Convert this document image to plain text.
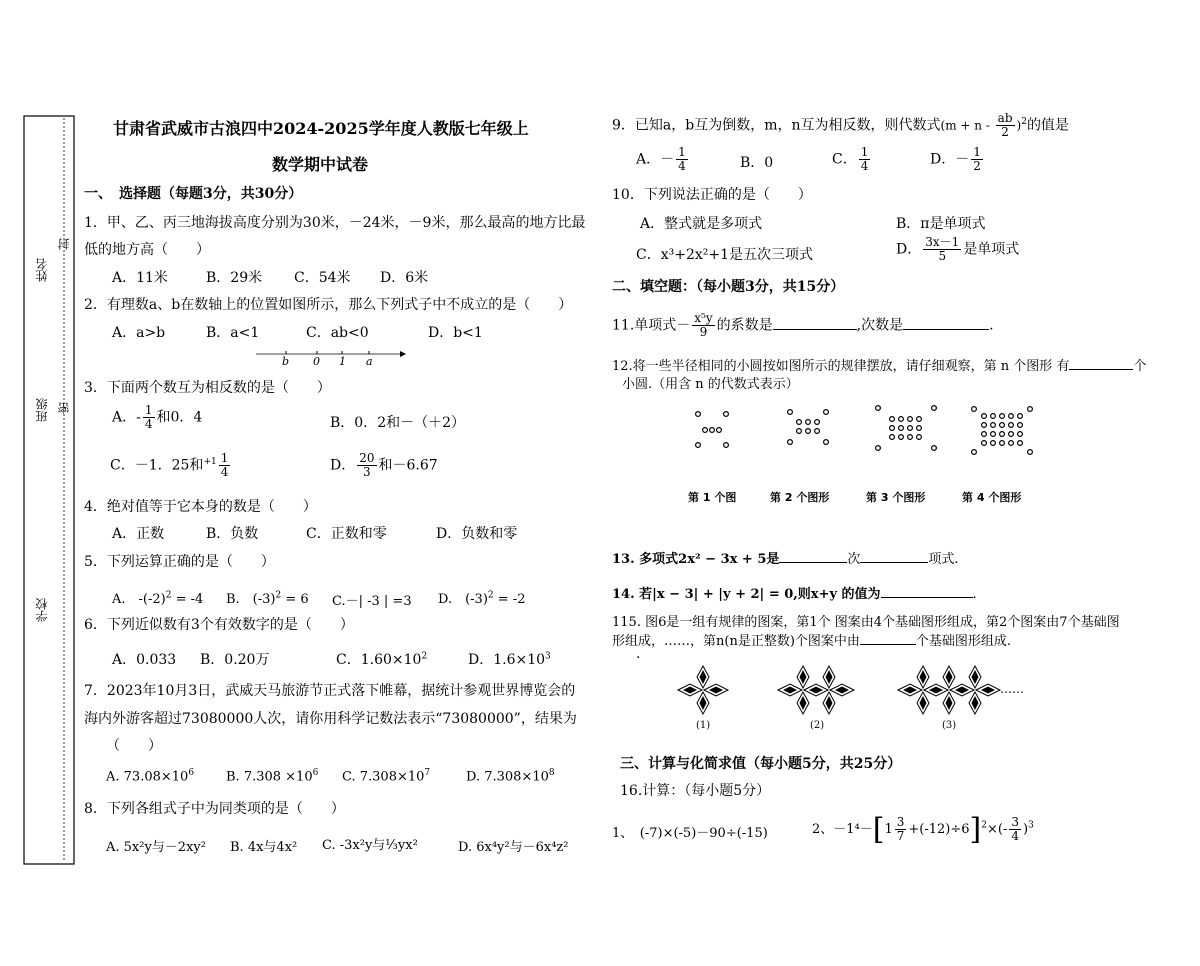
姓名
班级
学校
封
密
甘肃省武威市古浪四中2024-2025学年度人教版七年级上
数学期中试卷
一、　选择题（每题3分，共30分）
1．甲、乙、丙三地海拔高度分别为30米，－24米，－9米，那么最高的地方比最
低的地方高（　　）
A．11米	B．29米 C．54米 D．6米
2．有理数a、b在数轴上的位置如图所示，那么下列式子中不成立的是（　　）
A．a>b	B．a<1	C．ab<0	D．b<1
b 0 1 a
3．下面两个数互为相反数的是（　　）
A．- $\frac{1}{4}$ 和0．4	B．0．2和－（＋2）
C．－1．25和$^{+1} \frac{1}{4}$	D． $\frac{20}{3}$ 和－6.67
4．绝对值等于它本身的数是（　　）
A．正数	B．负数	C．正数和零	D．负数和零
5．下列运算正确的是（　　）
A.　$-(-2)^2 = -4$ B.　$(-3)^2 = 6$ C.－| -3 | =3 D.　$(-3)^2 = -2$
6．下列近似数有3个有效数字的是（　　）
A．0.033 B．0.20万	C．$1.60\times 10^2$	D．$1.6\times 10^3$
7．2023年10月3日，武威天马旅游节正式落下帷幕，据统计参观世界博览会的
海内外游客超过73080000人次，请你用科学记数法表示“73080000”，结果为
（　　）
A. $73.08\times 10^6$ B. $7.308 \times 10^6$ C. $7.308\times 10^7$	D. $7.308\times 10^8$
8．下列各组式子中为同类项的是（　　）
A. 5x²y与－2xy² B. 4x与4x² C. -3x²y与⅓yx²	D. 6x⁴y²与－6x⁴z²
9．已知a，b互为倒数，m，n互为相反数，则代数式$(m + n - \frac{ab}{2} )^2$的值是
A．－ $\frac{1}{4}$	B．0	C． $\frac{1}{4}$	D．－ $\frac{1}{2}$
10．下列说法正确的是（　　）
A．整式就是多项式	B．π是单项式
C．x³+2x²+1是五次三项式	D． $\frac{3x-1}{5}$ 是单项式
二、填空题：（每小题3分，共15分）
11.单项式－ $\frac{\text{x⁵y}}{9}$ 的系数是	,次数是	.
12.将一些半径相同的小圆按如图所示的规律摆放，请仔细观察，第 n 个图形 有	个
小圆.（用含 n 的代数式表示）
第 1 个图	第 2 个图形	第 3 个图形	第 4 个图形
13. 多项式2x² − 3x + 5是	次	项式.
14. 若|x − 3| + |y + 2| = 0,则x+y 的值为	.
115. 图6是一组有规律的图案，第1个 图案由4个基础图形组成，第2个图案由7个基础图
形组成，……，第n(n是正整数)个图案中由	个基础图形组成.
.
……
(1)	(2)	(3)
三、计算与化简求值（每小题5分，共25分）
16.计算：（每小题5分）
1、　(-7)×(-5)－90÷(-15)	2、$-1^4-[1 \frac{3}{7} +(-12)\div 6]^2\times(- \frac{3}{4} )^3$
